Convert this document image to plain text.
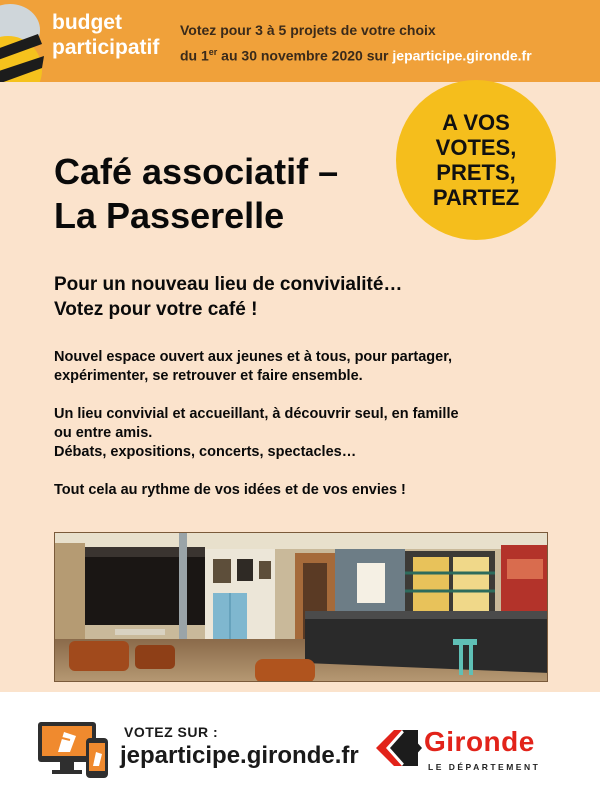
budget
participatif
Votez pour 3 à 5 projets de votre choix
du 1er au 30 novembre 2020 sur jeparticipe.gironde.fr
A VOS
VOTES,
PRETS,
PARTEZ
Café associatif –
La Passerelle
Pour un nouveau lieu de convivialité…
Votez pour votre café !

Nouvel espace ouvert aux jeunes et à tous, pour partager,
expérimenter, se retrouver et faire ensemble.

Un lieu convivial et accueillant, à découvrir seul, en famille
ou entre amis.
Débats, expositions, concerts, spectacles…

Tout cela au rythme de vos idées et de vos envies !

VOTEZ SUR :
jeparticipe.gironde.fr Gironde
LE DÉPARTEMENT
